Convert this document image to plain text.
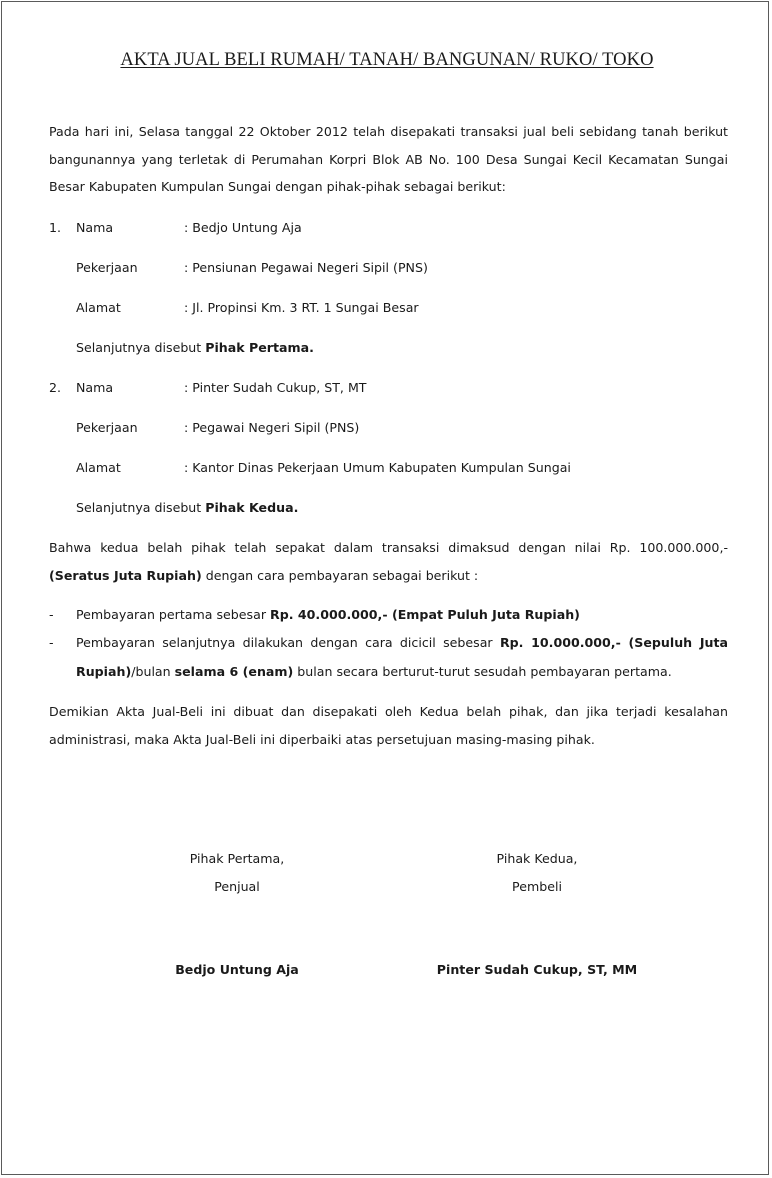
AKTA JUAL BELI RUMAH/ TANAH/ BANGUNAN/ RUKO/ TOKO
Pada hari ini, Selasa tanggal 22 Oktober 2012 telah disepakati transaksi jual beli sebidang tanah berikut bangunannya yang terletak di Perumahan Korpri Blok AB No. 100 Desa Sungai Kecil Kecamatan Sungai Besar Kabupaten Kumpulan Sungai dengan pihak-pihak sebagai berikut:
1. Nama	: Bedjo Untung Aja
Pekerjaan	: Pensiunan Pegawai Negeri Sipil (PNS)
Alamat	: Jl. Propinsi Km. 3 RT. 1 Sungai Besar
Selanjutnya disebut Pihak Pertama.
2. Nama	: Pinter Sudah Cukup, ST, MT
Pekerjaan	: Pegawai Negeri Sipil (PNS)
Alamat	: Kantor Dinas Pekerjaan Umum Kabupaten Kumpulan Sungai
Selanjutnya disebut Pihak Kedua.
Bahwa kedua belah pihak telah sepakat dalam transaksi dimaksud dengan nilai Rp. 100.000.000,- (Seratus Juta Rupiah) dengan cara pembayaran sebagai berikut :
- Pembayaran pertama sebesar Rp. 40.000.000,- (Empat Puluh Juta Rupiah)
- Pembayaran selanjutnya dilakukan dengan cara dicicil sebesar Rp. 10.000.000,- (Sepuluh Juta Rupiah)/bulan selama 6 (enam) bulan secara berturut-turut sesudah pembayaran pertama.
Demikian Akta Jual-Beli ini dibuat dan disepakati oleh Kedua belah pihak, dan jika terjadi kesalahan administrasi, maka Akta Jual-Beli ini diperbaiki atas persetujuan masing-masing pihak.
Pihak Pertama,
Penjual
Bedjo Untung Aja
Pihak Kedua,
Pembeli
Pinter Sudah Cukup, ST, MM
